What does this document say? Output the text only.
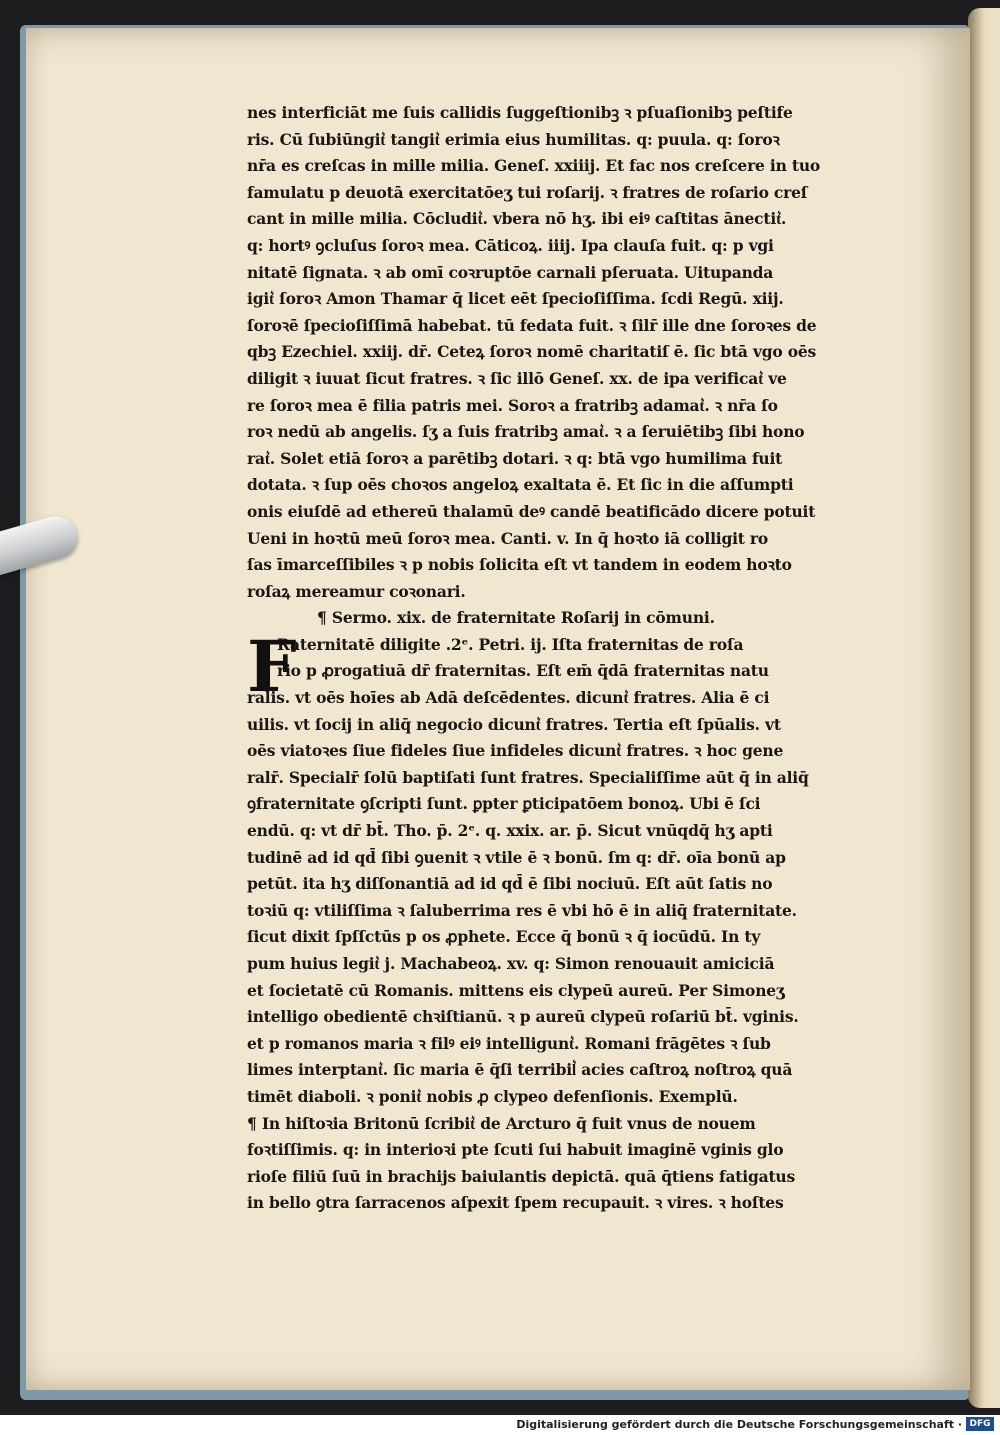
nes interficiāt me ſuis callidis ſuggeſtionibꝫ ꝛ pſuaſionibꝫ peſtife
ris. Cū ſubiūngit͛ tangit͛ erimia eius humilitas. q: puula. q: ſoroꝛ
nr̄a es creſcas in mille milia. Geneſ. xxiiij. Et fac nos creſcere in tuo
famulatu p deuotā exercitatōeʒ tui roſarij. ꝛ fratres de roſario creſ
cant in mille milia. Cōcludit͛. vbera nō hʒ. ibi eiꝰ caſtitas ānectit͛.
q: hortꝰ ꝯcluſus ſoroꝛ mea. Cāticoꝝ. iiij. Ipa clauſa fuit. q: p vgi
nitatē ſignata. ꝛ ab omī coꝛruptōe carnali pſeruata. Uitupanda
igit͛ ſoroꝛ Amon Thamar q̄ licet eēt ſpecioſiſſima. ſcdi Regū. xiij.
ſoroꝛē ſpecioſiſſimā habebat. tū fedata fuit. ꝛ ſilr̄ ille dne ſoroꝛes de
qbꝫ Ezechiel. xxiij. dr̄. Ceteꝝ ſoroꝛ nomē charitatiſ ē. ſic btā vgo oēs
diligit ꝛ iuuat ſicut fratres. ꝛ ſic illō Geneſ. xx. de ipa verificat͛ ve
re ſoroꝛ mea ē filia patris mei. Soroꝛ a fratribꝫ adamat͛. ꝛ nr̄a ſo
roꝛ nedū ab angelis. ſʒ a ſuis fratribꝫ amat͛. ꝛ a ſeruiētibꝫ ſibi hono
rat͛. Solet etiā ſoroꝛ a parētibꝫ dotari. ꝛ q: btā vgo humilima fuit
dotata. ꝛ ſup oēs choꝛos angeloꝝ exaltata ē. Et ſic in die aſſumpti
onis eiuſdē ad ethereū thalamū deꝰ candē beatificādo dicere potuit
Ueni in hoꝛtū meū ſoroꝛ mea. Canti. v. In q̄ hoꝛto iā colligit ro
ſas īmarceſſibiles ꝛ p nobis ſolicita eſt vt tandem in eodem hoꝛto
roſaꝝ mereamur coꝛonari.
¶ Sermo. xix. de fraternitate Roſarij in cōmuni.
F
Raternitatē diligite .2ᵉ. Petri. ij. Iſta fraternitas de roſa
rio p ꝓrogatiuā dr̄ fraternitas. Eſt em̄ q̄dā fraternitas natu
ralis. vt oēs hoīes ab Adā deſcēdentes. dicunt͛ fratres. Alia ē ci
uilis. vt ſocij in aliq̄ negocio dicunt͛ fratres. Tertia eſt ſpūalis. vt
oēs viatoꝛes ſiue fideles ſiue infideles dicunt͛ fratres. ꝛ hoc gene
ralr̄. Specialr̄ ſolū baptiſati ſunt fratres. Specialiſſime aūt q̄ in aliq̄
ꝯfraternitate ꝯſcripti ſunt. ꝑpter ꝑticipatōem bonoꝝ. Ubi ē ſci
endū. q: vt dr̄ bt̄. Tho. p̄. 2ᵉ. q. xxix. ar. p̄. Sicut vnūqdq̄ hʒ apti
tudinē ad id qd̄ ſibi ꝯuenit ꝛ vtile ē ꝛ bonū. ſm q: dr̄. oīa bonū ap
petūt. ita hʒ diſſonantiā ad id qd̄ ē ſibi nociuū. Eſt aūt ſatis no
toꝛiū q: vtiliſſima ꝛ ſaluberrima res ē vbi hō ē in aliq̄ fraternitate.
ſicut dixit ſpſſctūs p os ꝓphete. Ecce q̄ bonū ꝛ q̄ iocūdū. In ty
pum huius legit͛ j. Machabeoꝝ. xv. q: Simon renouauit amiciciā
et ſocietatē cū Romanis. mittens eis clypeū aureū. Per Simoneʒ
intelligo obedientē chꝛiſtianū. ꝛ p aureū clypeū roſariū bt̄. vginis.
et p romanos maria ꝛ filꝰ eiꝰ intelligunt͛. Romani frāgētes ꝛ ſub
limes interptant͛. ſic maria ē q̄ſi terribil͛ acies caſtroꝝ noſtroꝝ quā
timēt diaboli. ꝛ ponit͛ nobis ꝓ clypeo defenſionis. Exemplū.
¶ In hiſtoꝛia Britonū ſcribit͛ de Arcturo q̄ fuit vnus de nouem
foꝛtiſſimis. q: in interioꝛi pte ſcuti ſui habuit imaginē vginis glo
rioſe filiū ſuū in brachijs baiulantis depictā. quā q̄tiens fatigatus
in bello ꝯtra ſarracenos aſpexit ſpem recupauit. ꝛ vires. ꝛ hoſtes
Digitalisierung gefördert durch die Deutsche Forschungsgemeinschaft · DFG
